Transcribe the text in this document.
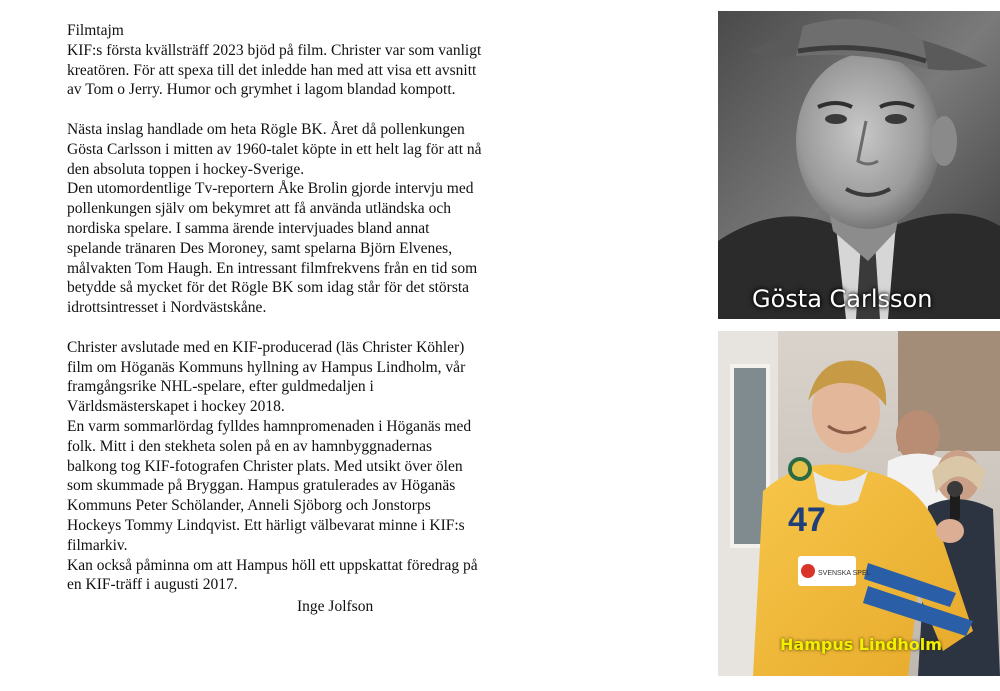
Filmtajm
KIF:s första kvällsträff 2023 bjöd på film. Christer var som vanligt
kreatören. För att spexa till det inledde han med att visa ett avsnitt
av Tom o Jerry. Humor och grymhet i lagom blandad kompott.
Nästa inslag handlade om heta Rögle BK. Året då pollenkungen
Gösta Carlsson i mitten av 1960-talet köpte in ett helt lag för att nå
den absoluta toppen i hockey-Sverige.
Den utomordentlige Tv-reportern Åke Brolin gjorde intervju med
pollenkungen själv om bekymret att få använda utländska och
nordiska spelare. I samma ärende intervjuades bland annat
spelande tränaren Des Moroney, samt spelarna Björn Elvenes,
målvakten Tom Haugh. En intressant filmfrekvens från en tid som
betydde så mycket för det Rögle BK som idag står för det största
idrottsintresset i Nordvästskåne.
Christer avslutade med en KIF-producerad (läs Christer Köhler)
film om Höganäs Kommuns hyllning av Hampus Lindholm, vår
framgångsrike NHL-spelare, efter guldmedaljen i
Världsmästerskapet i hockey 2018.
En varm sommarlördag fylldes hamnpromenaden i Höganäs med
folk. Mitt i den stekheta solen på en av hamnbyggnadernas
balkong tog KIF-fotografen Christer plats. Med utsikt över ölen
som skummade på Bryggan. Hampus gratulerades av Höganäs
Kommuns Peter Schölander, Anneli Sjöborg och Jonstorps
Hockeys Tommy Lindqvist. Ett härligt välbevarat minne i KIF:s
filmarkiv.
Kan också påminna om att Hampus höll ett uppskattat föredrag på
en KIF-träff i augusti 2017.
Inge Jolfson
Gösta Carlsson
SVENSKA SPEL
47
Hampus Lindholm
